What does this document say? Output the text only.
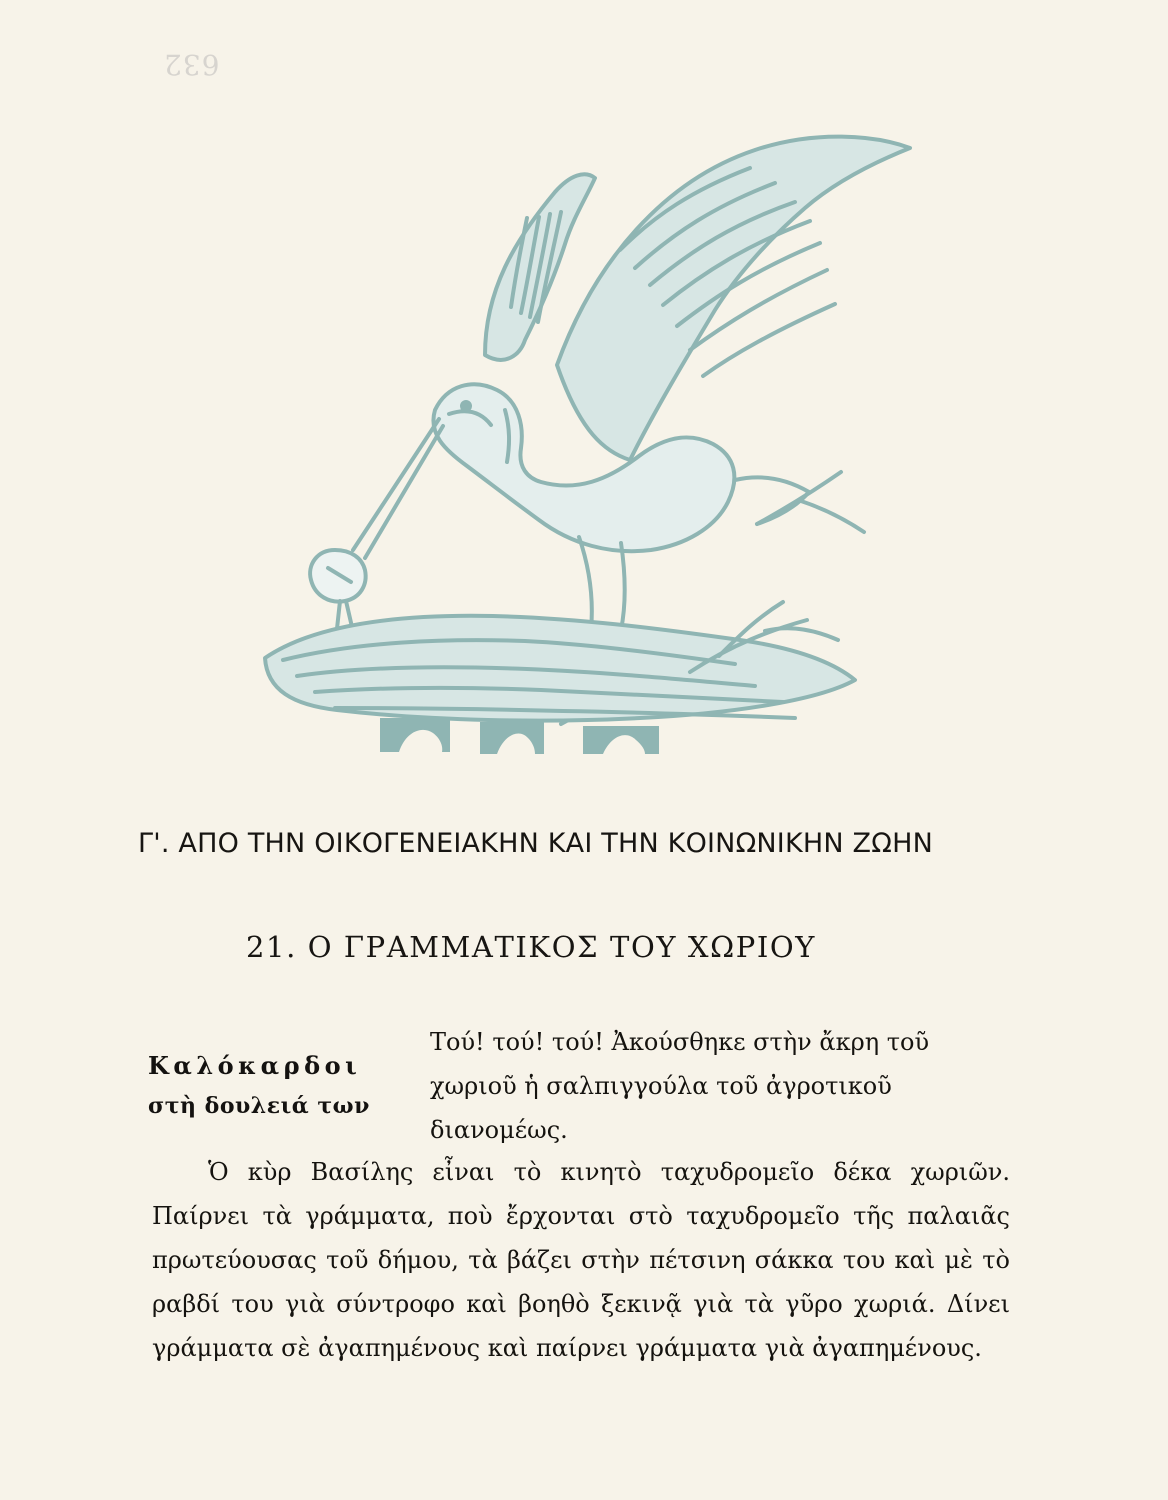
632
Γ'. ΑΠΟ ΤΗΝ ΟΙΚΟΓΕΝΕΙΑΚΗΝ ΚΑΙ ΤΗΝ ΚΟΙΝΩΝΙΚΗΝ ΖΩΗΝ
21. Ο ΓΡΑΜΜΑΤΙΚΟΣ ΤΟΥ ΧΩΡΙΟΥ
Καλόκαρδοι
στὴ δουλειά των
Τού! τού! τού! Ἀκούσθηκε στὴν ἄκρη τοῦ χωριοῦ ἡ σαλπιγγούλα τοῦ ἀγροτικοῦ διανομέως.
Ὁ κὺρ Βασίλης εἶναι τὸ κινητὸ ταχυδρομεῖο δέκα χωριῶν. Παίρνει τὰ γράμματα, ποὺ ἔρχονται στὸ ταχυδρομεῖο τῆς παλαιᾶς πρωτεύουσας τοῦ δήμου, τὰ βάζει στὴν πέτσινη σάκκα του καὶ μὲ τὸ ραβδί του γιὰ σύντροφο καὶ βοηθὸ ξεκινᾷ γιὰ τὰ γῦρο χωριά. Δίνει γράμματα σὲ ἀγαπημένους καὶ παίρνει γράμματα γιὰ ἀγαπημένους.
